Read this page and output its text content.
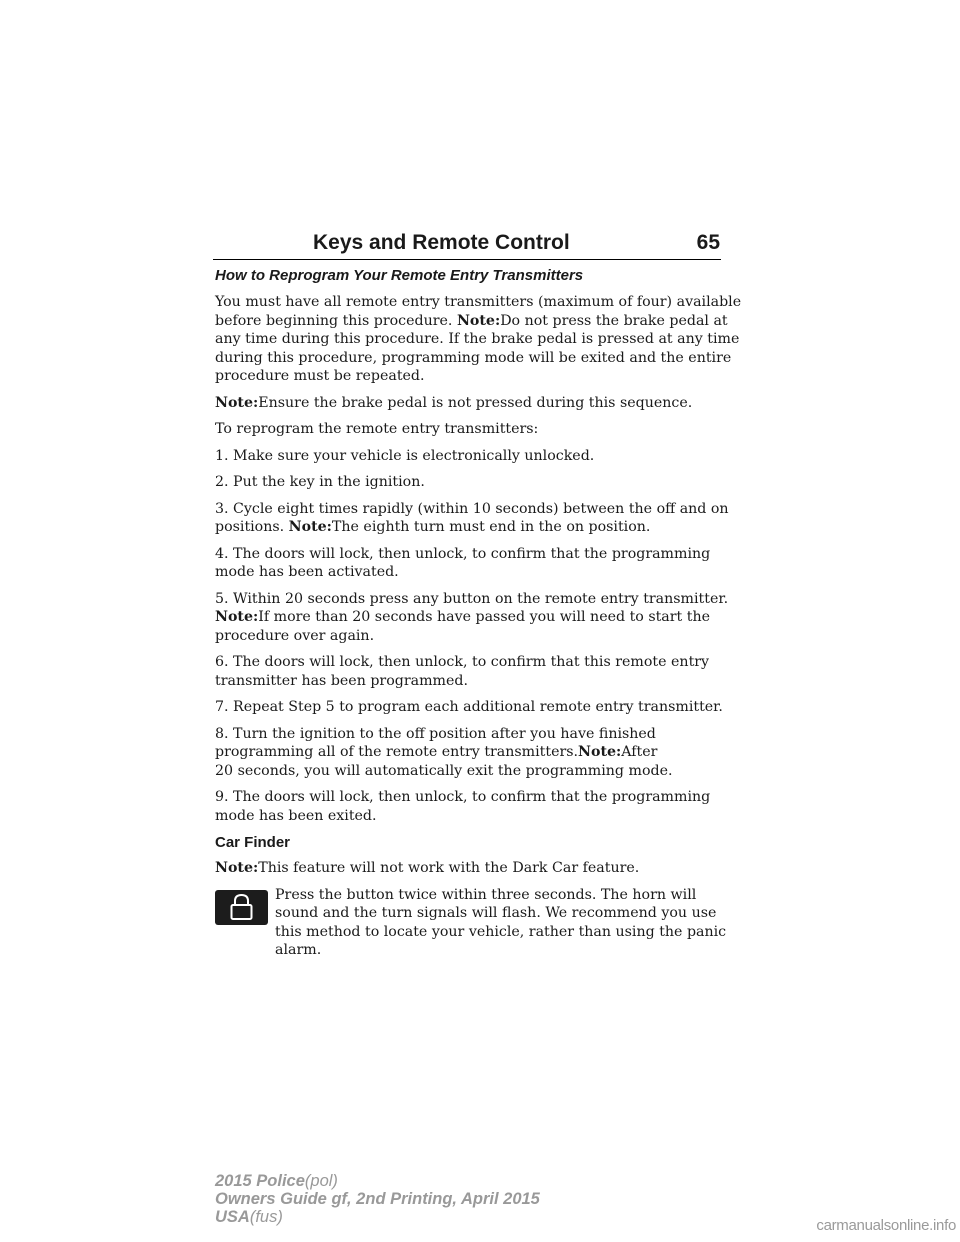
Keys and Remote Control	65
How to Reprogram Your Remote Entry Transmitters
You must have all remote entry transmitters (maximum of four) available
before beginning this procedure. Note:Do not press the brake pedal at
any time during this procedure. If the brake pedal is pressed at any time
during this procedure, programming mode will be exited and the entire
procedure must be repeated.
Note:Ensure the brake pedal is not pressed during this sequence.
To reprogram the remote entry transmitters:
1. Make sure your vehicle is electronically unlocked.
2. Put the key in the ignition.
3. Cycle eight times rapidly (within 10 seconds) between the off and on
positions. Note:The eighth turn must end in the on position.
4. The doors will lock, then unlock, to confirm that the programming
mode has been activated.
5. Within 20 seconds press any button on the remote entry transmitter.
Note:If more than 20 seconds have passed you will need to start the
procedure over again.
6. The doors will lock, then unlock, to confirm that this remote entry
transmitter has been programmed.
7. Repeat Step 5 to program each additional remote entry transmitter.
8. Turn the ignition to the off position after you have finished
programming all of the remote entry transmitters.Note:After
20 seconds, you will automatically exit the programming mode.
9. The doors will lock, then unlock, to confirm that the programming
mode has been exited.
Car Finder
Note:This feature will not work with the Dark Car feature.
Press the button twice within three seconds. The horn will
sound and the turn signals will flash. We recommend you use
this method to locate your vehicle, rather than using the panic
alarm.
2015 Police(pol)
Owners Guide gf, 2nd Printing, April 2015
USA(fus)	carmanualsonline.info
